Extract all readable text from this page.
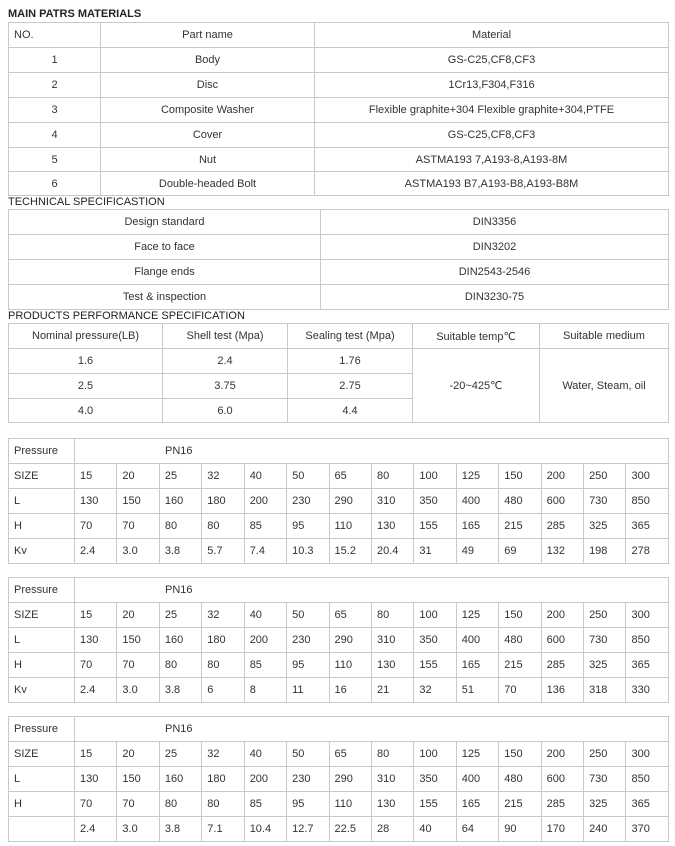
MAIN PATRS MATERIALS
NO.	Part name	Material
1	Body	GS-C25,CF8,CF3
2	Disc	1Cr13,F304,F316
3	Composite Washer	Flexible graphite+304 Flexible graphite+304,PTFE
4	Cover	GS-C25,CF8,CF3
5	Nut	ASTMA193 7,A193-8,A193-8M
6	Double-headed Bolt	ASTMA193 B7,A193-B8,A193-B8M
TECHNICAL SPECIFICASTION
Design standard	DIN3356
Face to face	DIN3202
Flange ends	DIN2543-2546
Test & inspection	DIN3230-75
PRODUCTS PERFORMANCE SPECIFICATION
Nominal pressure(LB)	Shell test (Mpa)	Sealing test (Mpa)	Suitable temp℃	Suitable medium
1.6	2.4	1.76	-20~425℃	Water, Steam, oil
2.5	3.75	2.75		
4.0	6.0	4.4		
Pressure	PN16													
SIZE	15	20	25	32	40	50	65	80	100	125	150	200	250	300
L	130	150	160	180	200	230	290	310	350	400	480	600	730	850
H	70	70	80	80	85	95	110	130	155	165	215	285	325	365
Kv	2.4	3.0	3.8	5.7	7.4	10.3	15.2	20.4	31	49	69	132	198	278
Pressure	PN16													
SIZE	15	20	25	32	40	50	65	80	100	125	150	200	250	300
L	130	150	160	180	200	230	290	310	350	400	480	600	730	850
H	70	70	80	80	85	95	110	130	155	165	215	285	325	365
Kv	2.4	3.0	3.8	6	8	11	16	21	32	51	70	136	318	330
Pressure	PN16													
SIZE	15	20	25	32	40	50	65	80	100	125	150	200	250	300
L	130	150	160	180	200	230	290	310	350	400	480	600	730	850
H	70	70	80	80	85	95	110	130	155	165	215	285	325	365
	2.4	3.0	3.8	7.1	10.4	12.7	22.5	28	40	64	90	170	240	370
